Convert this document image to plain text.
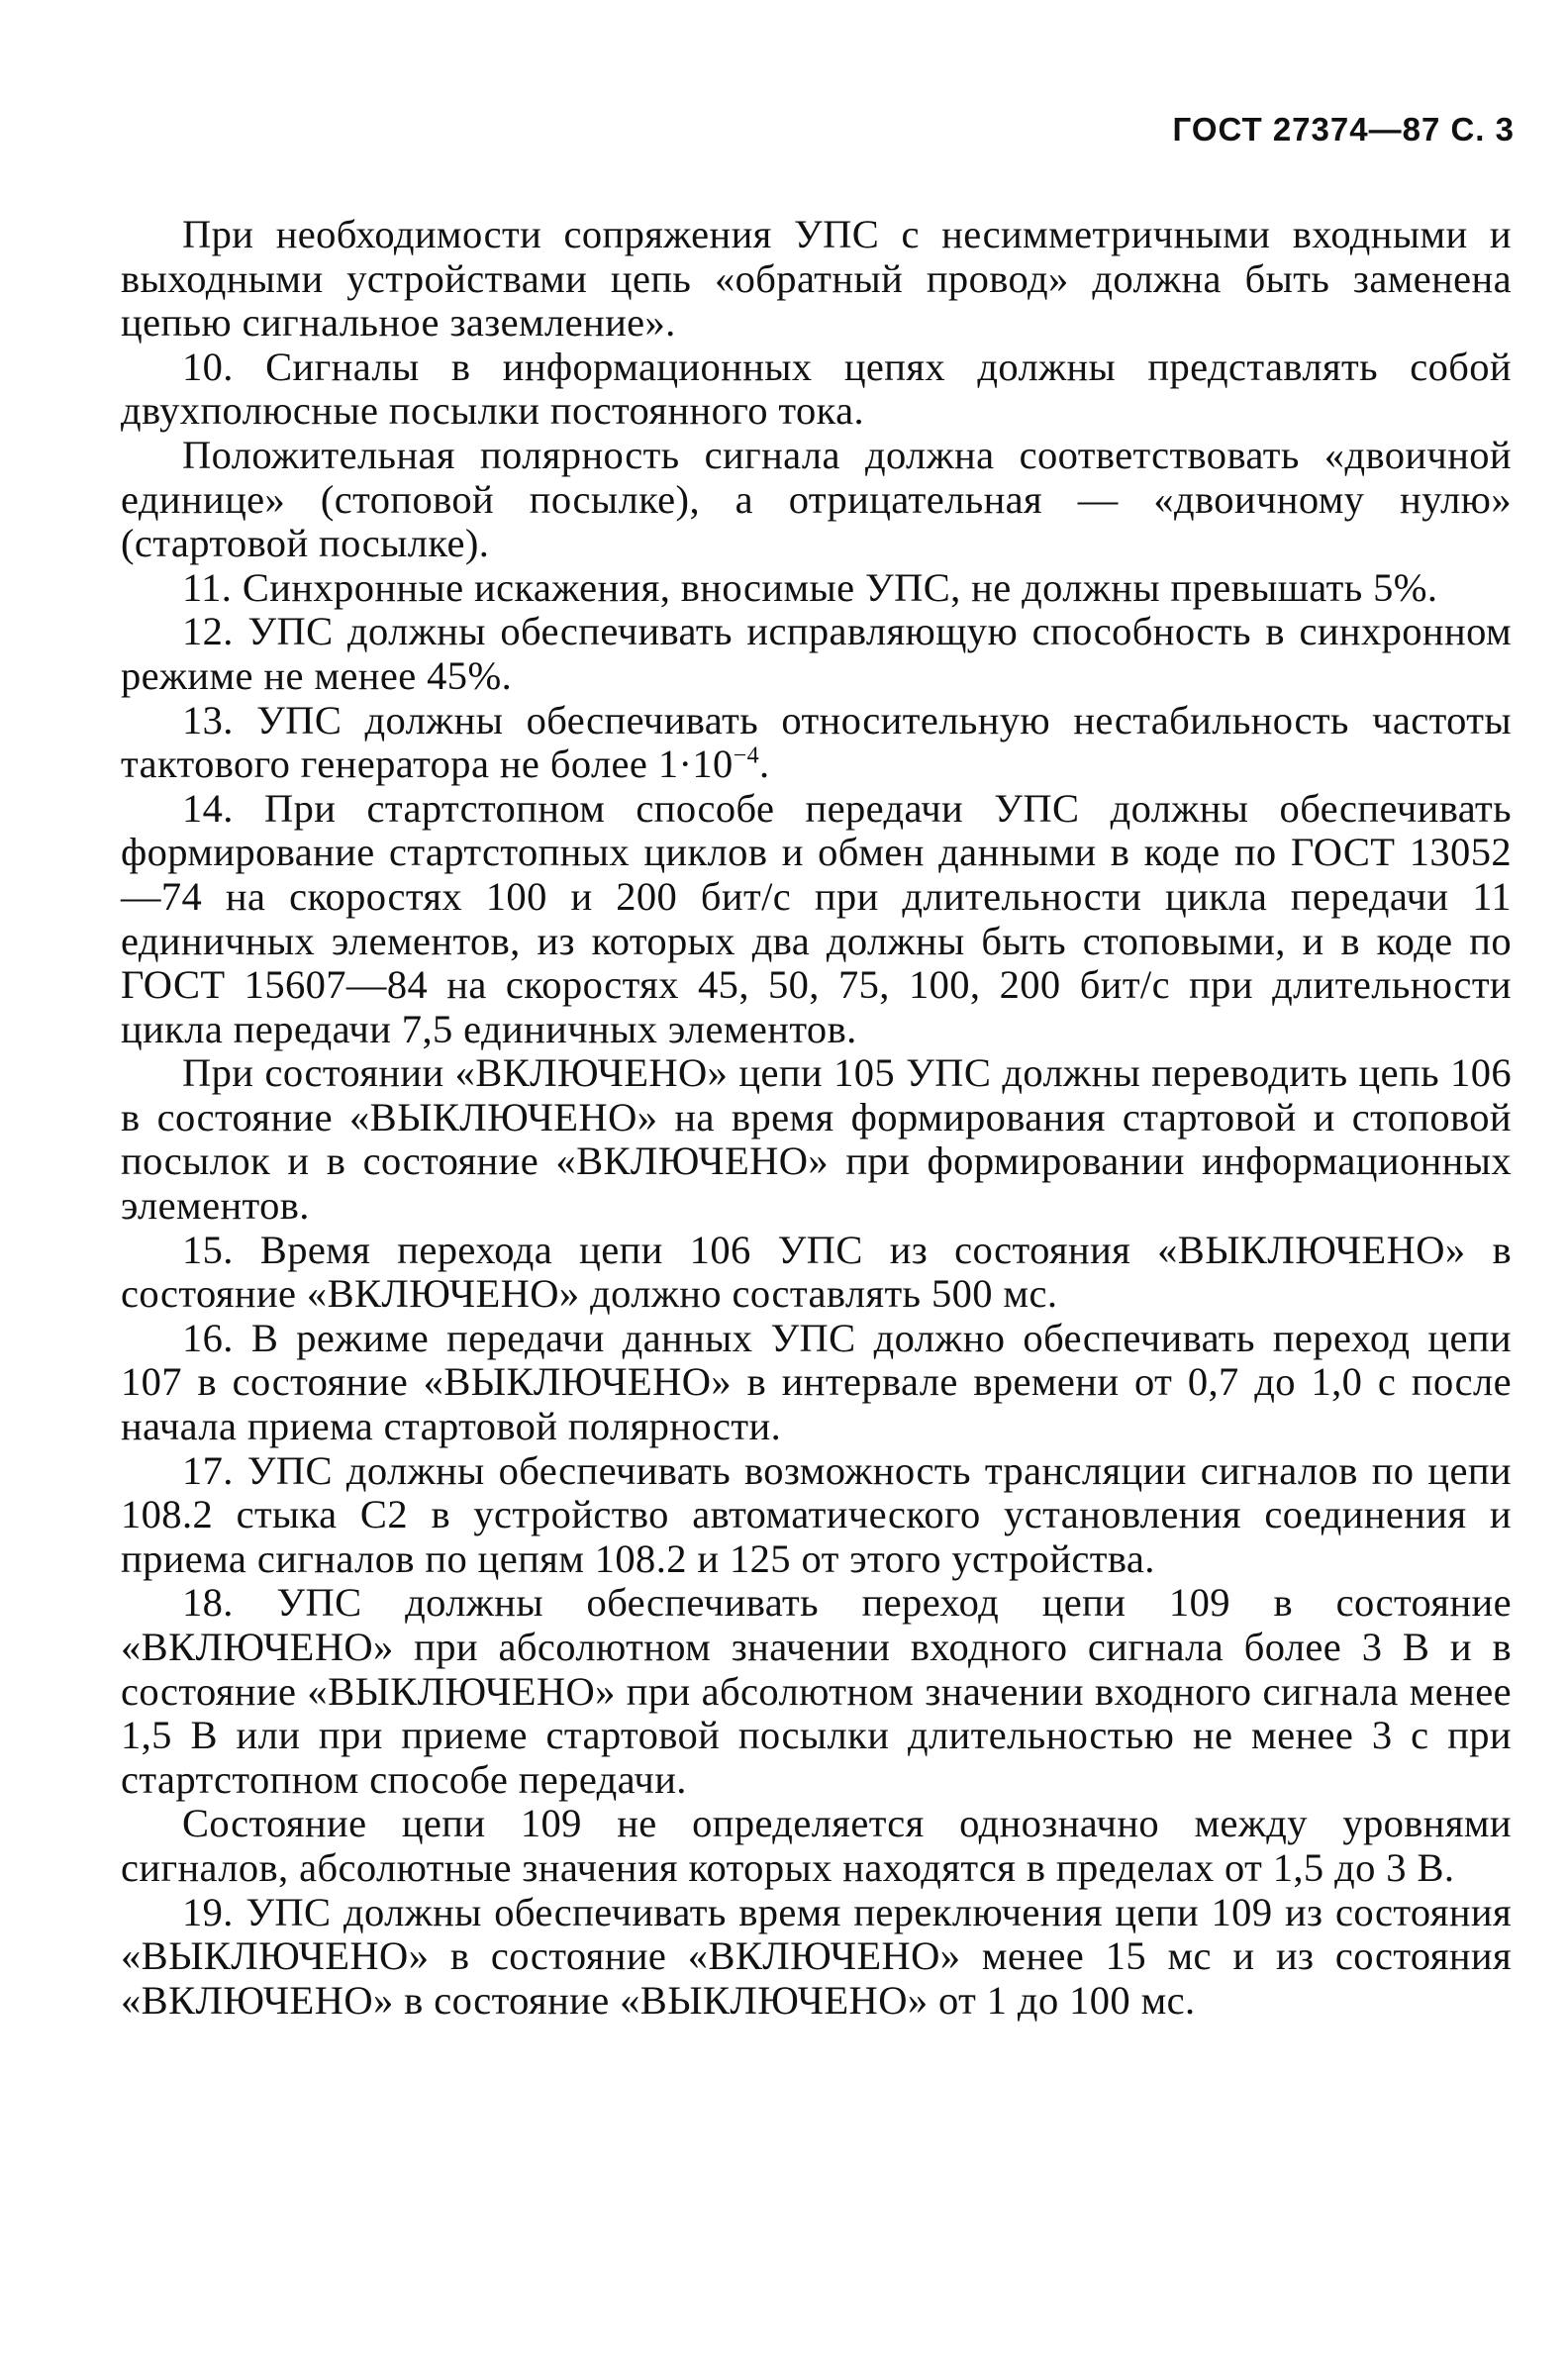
ГОСТ 27374—87 С. 3

При необходимости сопряжения УПС с несимметричными входными и выходными устройствами цепь «обратный провод» должна быть заменена цепью сигнальное заземление».

10. Сигналы в информационных цепях должны представлять собой двухполюсные посылки постоянного тока.

Положительная полярность сигнала должна соответствовать «двоичной единице» (стоповой посылке), а отрицательная — «двоичному нулю» (стартовой посылке).

11. Синхронные искажения, вносимые УПС, не должны превышать 5%.

12. УПС должны обеспечивать исправляющую способность в синхронном режиме не менее 45%.

13. УПС должны обеспечивать относительную нестабильность частоты тактового генератора не более $1\cdot 10^{-4}$.

14. При стартстопном способе передачи УПС должны обеспечивать формирование стартстопных циклов и обмен данными в коде по ГОСТ 13052—74 на скоростях 100 и 200 бит/с при длительности цикла передачи 11 единичных элементов, из которых два должны быть стоповыми, и в коде по ГОСТ 15607—84 на скоростях 45, 50, 75, 100, 200 бит/с при длительности цикла передачи 7,5 единичных элементов.

При состоянии «ВКЛЮЧЕНО» цепи 105 УПС должны переводить цепь 106 в состояние «ВЫКЛЮЧЕНО» на время формирования стартовой и стоповой посылок и в состояние «ВКЛЮЧЕНО» при формировании информационных элементов.

15. Время перехода цепи 106 УПС из состояния «ВЫКЛЮЧЕНО» в состояние «ВКЛЮЧЕНО» должно составлять 500 мс.

16. В режиме передачи данных УПС должно обеспечивать переход цепи 107 в состояние «ВЫКЛЮЧЕНО» в интервале времени от 0,7 до 1,0 с после начала приема стартовой полярности.

17. УПС должны обеспечивать возможность трансляции сигналов по цепи 108.2 стыка С2 в устройство автоматического установления соединения и приема сигналов по цепям 108.2 и 125 от этого устройства.

18. УПС должны обеспечивать переход цепи 109 в состояние «ВКЛЮЧЕНО» при абсолютном значении входного сигнала более 3 В и в состояние «ВЫКЛЮЧЕНО» при абсолютном значении входного сигнала менее 1,5 В или при приеме стартовой посылки длительностью не менее 3 с при стартстопном способе передачи.

Состояние цепи 109 не определяется однозначно между уровнями сигналов, абсолютные значения которых находятся в пределах от 1,5 до 3 В.

19. УПС должны обеспечивать время переключения цепи 109 из состояния «ВЫКЛЮЧЕНО» в состояние «ВКЛЮЧЕНО» менее 15 мс и из состояния «ВКЛЮЧЕНО» в состояние «ВЫКЛЮЧЕНО» от 1 до 100 мс.
